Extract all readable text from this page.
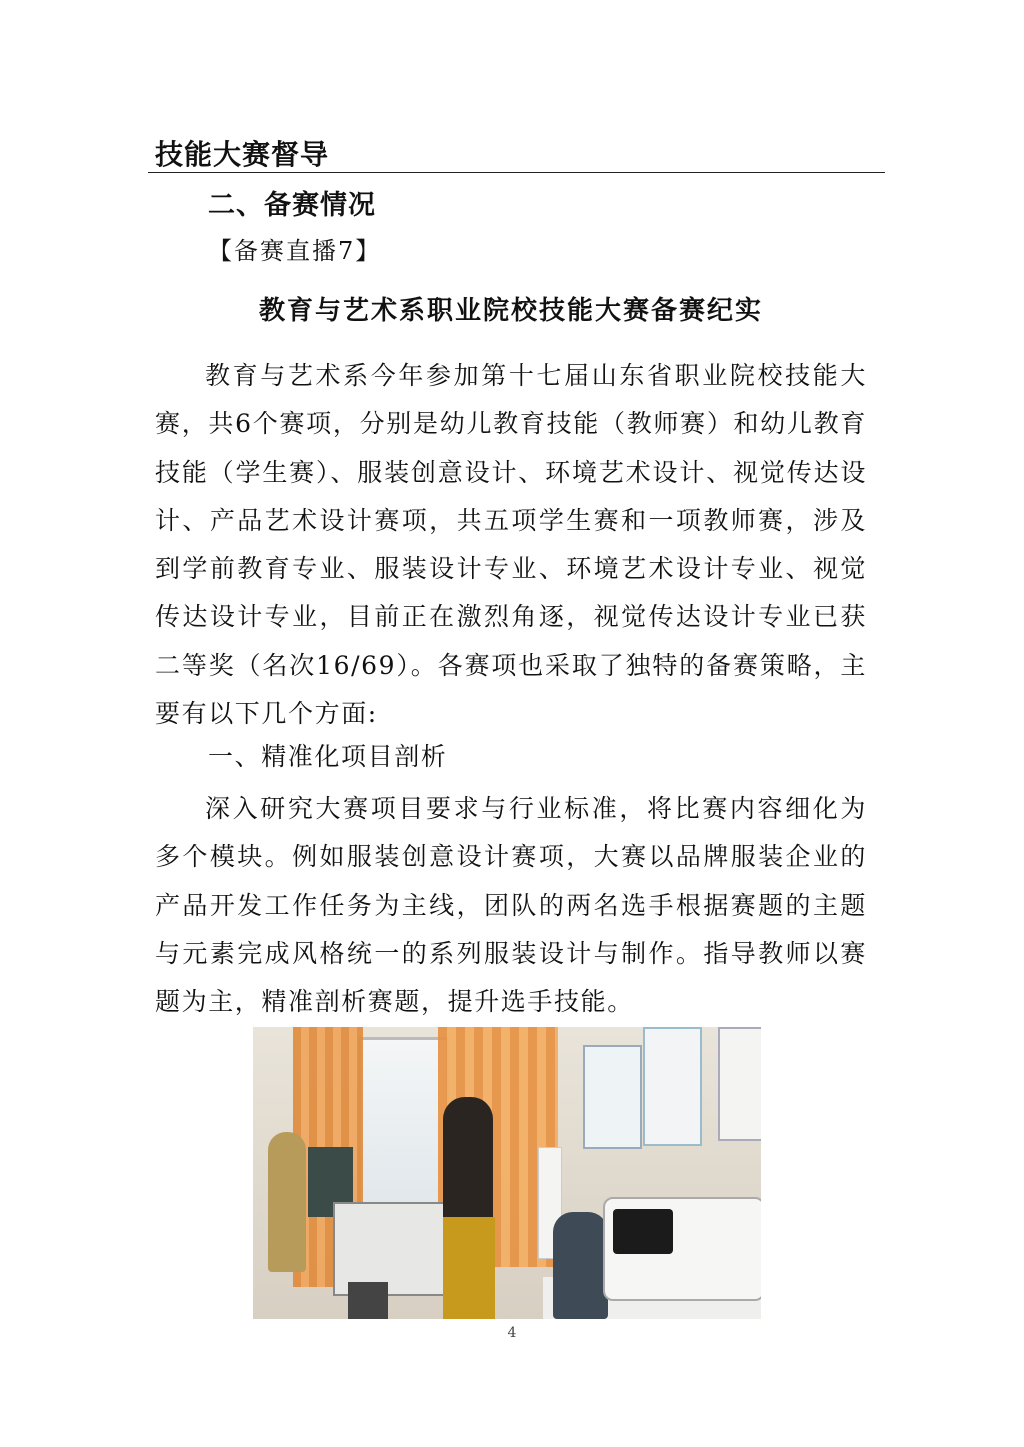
技能大赛督导
二、备赛情况
【备赛直播7】
教育与艺术系职业院校技能大赛备赛纪实

教育与艺术系今年参加第十七届山东省职业院校技能大赛，共6个赛项，分别是幼儿教育技能（教师赛）和幼儿教育技能（学生赛）、服装创意设计、环境艺术设计、视觉传达设计、产品艺术设计赛项，共五项学生赛和一项教师赛，涉及到学前教育专业、服装设计专业、环境艺术设计专业、视觉传达设计专业，目前正在激烈角逐，视觉传达设计专业已获二等奖（名次16/69）。各赛项也采取了独特的备赛策略，主要有以下几个方面:

一、精准化项目剖析

深入研究大赛项目要求与行业标准，将比赛内容细化为多个模块。例如服装创意设计赛项，大赛以品牌服装企业的产品开发工作任务为主线，团队的两名选手根据赛题的主题与元素完成风格统一的系列服装设计与制作。指导教师以赛题为主，精准剖析赛题，提升选手技能。

4
